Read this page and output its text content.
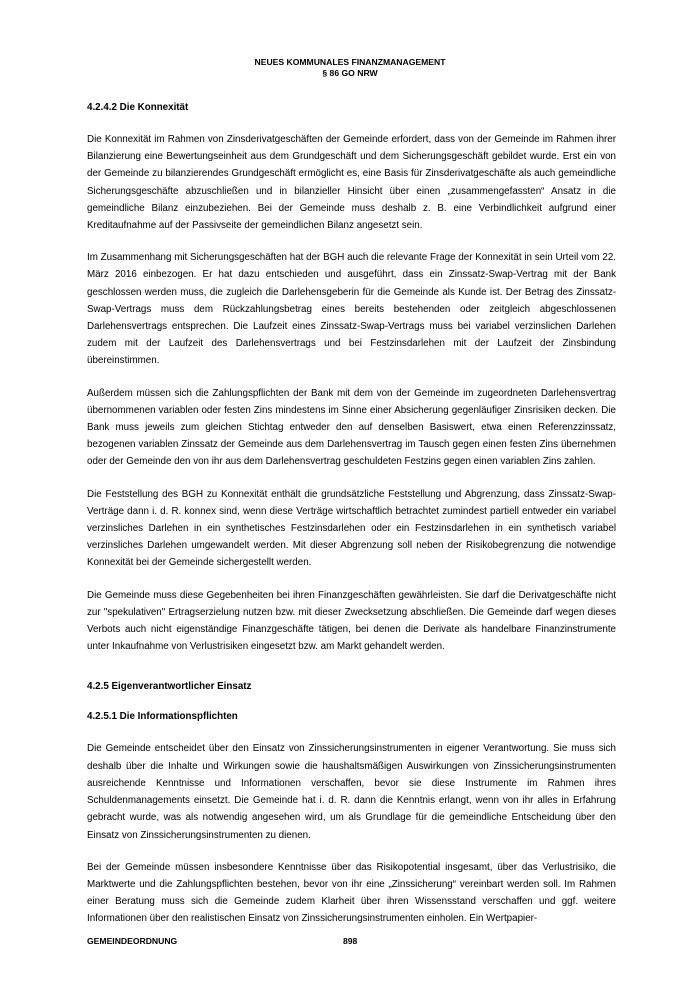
NEUES KOMMUNALES FINANZMANAGEMENT
§ 86 GO NRW
4.2.4.2 Die Konnexität

Die Konnexität im Rahmen von Zinsderivatgeschäften der Gemeinde erfordert, dass von der Gemeinde im Rahmen ihrer Bilanzierung eine Bewertungseinheit aus dem Grundgeschäft und dem Sicherungsgeschäft gebildet wurde. Erst ein von der Gemeinde zu bilanzierendes Grundgeschäft ermöglicht es, eine Basis für Zinsderivatgeschäfte als auch gemeindliche Sicherungsgeschäfte abzuschließen und in bilanzieller Hinsicht über einen „zusammengefassten“ Ansatz in die gemeindliche Bilanz einzubeziehen. Bei der Gemeinde muss deshalb z. B. eine Verbindlichkeit aufgrund einer Kreditaufnahme auf der Passivseite der gemeindlichen Bilanz angesetzt sein.

Im Zusammenhang mit Sicherungsgeschäften hat der BGH auch die relevante Frage der Konnexität in sein Urteil vom 22. März 2016 einbezogen. Er hat dazu entschieden und ausgeführt, dass ein Zinssatz-Swap-Vertrag mit der Bank geschlossen werden muss, die zugleich die Darlehensgeberin für die Gemeinde als Kunde ist. Der Betrag des Zinssatz-Swap-Vertrags muss dem Rückzahlungsbetrag eines bereits bestehenden oder zeitgleich abgeschlossenen Darlehensvertrags entsprechen. Die Laufzeit eines Zinssatz-Swap-Vertrags muss bei variabel verzinslichen Darlehen zudem mit der Laufzeit des Darlehensvertrags und bei Festzinsdarlehen mit der Laufzeit der Zinsbindung übereinstimmen.

Außerdem müssen sich die Zahlungspflichten der Bank mit dem von der Gemeinde im zugeordneten Darlehensvertrag übernommenen variablen oder festen Zins mindestens im Sinne einer Absicherung gegenläufiger Zinsrisiken decken. Die Bank muss jeweils zum gleichen Stichtag entweder den auf denselben Basiswert, etwa einen Referenzzinssatz, bezogenen variablen Zinssatz der Gemeinde aus dem Darlehensvertrag im Tausch gegen einen festen Zins übernehmen oder der Gemeinde den von ihr aus dem Darlehensvertrag geschuldeten Festzins gegen einen variablen Zins zahlen.

Die Feststellung des BGH zu Konnexität enthält die grundsätzliche Feststellung und Abgrenzung, dass Zinssatz-Swap-Verträge dann i. d. R. konnex sind, wenn diese Verträge wirtschaftlich betrachtet zumindest partiell entweder ein variabel verzinsliches Darlehen in ein synthetisches Festzinsdarlehen oder ein Festzinsdarlehen in ein synthetisch variabel verzinsliches Darlehen umgewandelt werden. Mit dieser Abgrenzung soll neben der Risikobegrenzung die notwendige Konnexität bei der Gemeinde sichergestellt werden.

Die Gemeinde muss diese Gegebenheiten bei ihren Finanzgeschäften gewährleisten. Sie darf die Derivatgeschäfte nicht zur "spekulativen" Ertragserzielung nutzen bzw. mit dieser Zwecksetzung abschließen. Die Gemeinde darf wegen dieses Verbots auch nicht eigenständige Finanzgeschäfte tätigen, bei denen die Derivate als handelbare Finanzinstrumente unter Inkaufnahme von Verlustrisiken eingesetzt bzw. am Markt gehandelt werden.

4.2.5 Eigenverantwortlicher Einsatz
4.2.5.1 Die Informationspflichten

Die Gemeinde entscheidet über den Einsatz von Zinssicherungsinstrumenten in eigener Verantwortung. Sie muss sich deshalb über die Inhalte und Wirkungen sowie die haushaltsmäßigen Auswirkungen von Zinssicherungsinstrumenten ausreichende Kenntnisse und Informationen verschaffen, bevor sie diese Instrumente im Rahmen ihres Schuldenmanagements einsetzt. Die Gemeinde hat i. d. R. dann die Kenntnis erlangt, wenn von ihr alles in Erfahrung gebracht wurde, was als notwendig angesehen wird, um als Grundlage für die gemeindliche Entscheidung über den Einsatz von Zinssicherungsinstrumenten zu dienen.

Bei der Gemeinde müssen insbesondere Kenntnisse über das Risikopotential insgesamt, über das Verlustrisiko, die Marktwerte und die Zahlungspflichten bestehen, bevor von ihr eine „Zinssicherung“ vereinbart werden soll. Im Rahmen einer Beratung muss sich die Gemeinde zudem Klarheit über ihren Wissensstand verschaffen und ggf. weitere Informationen über den realistischen Einsatz von Zinssicherungsinstrumenten einholen. Ein Wertpapier-

GEMEINDEORDNUNG	898
